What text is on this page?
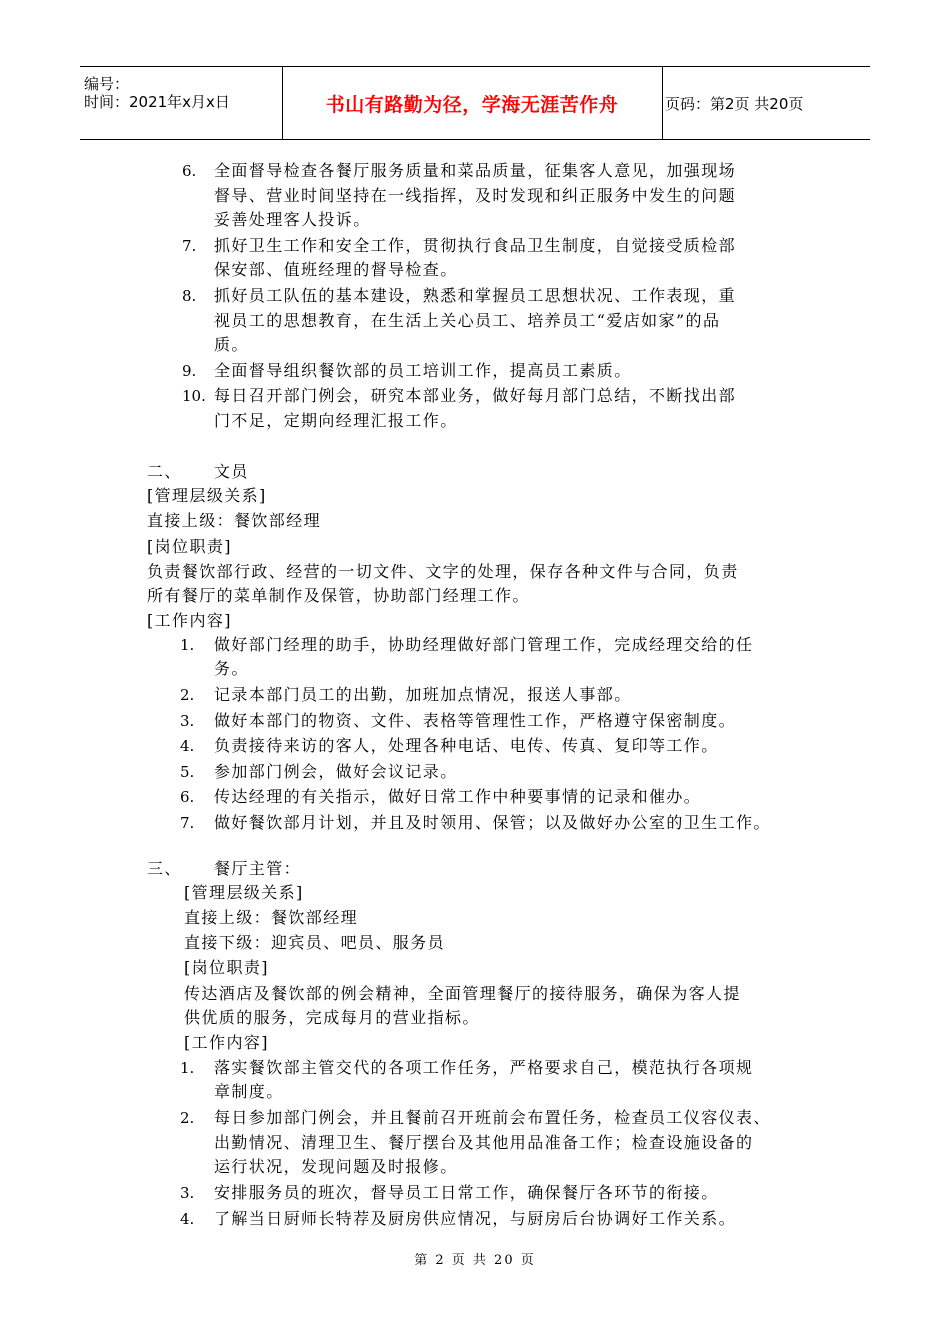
编号：
时间：2021年x月x日	书山有路勤为径，学海无涯苦作舟	页码：第2页 共20页
6. 全面督导检查各餐厅服务质量和菜品质量，征集客人意见，加强现场
督导、营业时间坚持在一线指挥，及时发现和纠正服务中发生的问题
妥善处理客人投诉。
7. 抓好卫生工作和安全工作，贯彻执行食品卫生制度，自觉接受质检部
保安部、值班经理的督导检查。
8. 抓好员工队伍的基本建设，熟悉和掌握员工思想状况、工作表现，重
视员工的思想教育，在生活上关心员工、培养员工“爱店如家”的品
质。
9. 全面督导组织餐饮部的员工培训工作，提高员工素质。
10. 每日召开部门例会，研究本部业务，做好每月部门总结，不断找出部
门不足，定期向经理汇报工作。
二、 文员
[管理层级关系]
直接上级：餐饮部经理
[岗位职责]
负责餐饮部行政、经营的一切文件、文字的处理，保存各种文件与合同，负责
所有餐厅的菜单制作及保管，协助部门经理工作。
[工作内容]
1. 做好部门经理的助手，协助经理做好部门管理工作，完成经理交给的任
务。
2. 记录本部门员工的出勤，加班加点情况，报送人事部。
3. 做好本部门的物资、文件、表格等管理性工作，严格遵守保密制度。
4. 负责接待来访的客人，处理各种电话、电传、传真、复印等工作。
5. 参加部门例会，做好会议记录。
6. 传达经理的有关指示，做好日常工作中种要事情的记录和催办。
7. 做好餐饮部月计划，并且及时领用、保管；以及做好办公室的卫生工作。
三、 餐厅主管：
[管理层级关系]
直接上级：餐饮部经理
直接下级：迎宾员、吧员、服务员
[岗位职责]
传达酒店及餐饮部的例会精神，全面管理餐厅的接待服务，确保为客人提
供优质的服务，完成每月的营业指标。
[工作内容]
1. 落实餐饮部主管交代的各项工作任务，严格要求自己，模范执行各项规
章制度。
2. 每日参加部门例会，并且餐前召开班前会布置任务，检查员工仪容仪表、
出勤情况、清理卫生、餐厅摆台及其他用品准备工作；检查设施设备的
运行状况，发现问题及时报修。
3. 安排服务员的班次，督导员工日常工作，确保餐厅各环节的衔接。
4. 了解当日厨师长特荐及厨房供应情况，与厨房后台协调好工作关系。
第 2 页 共 20 页
